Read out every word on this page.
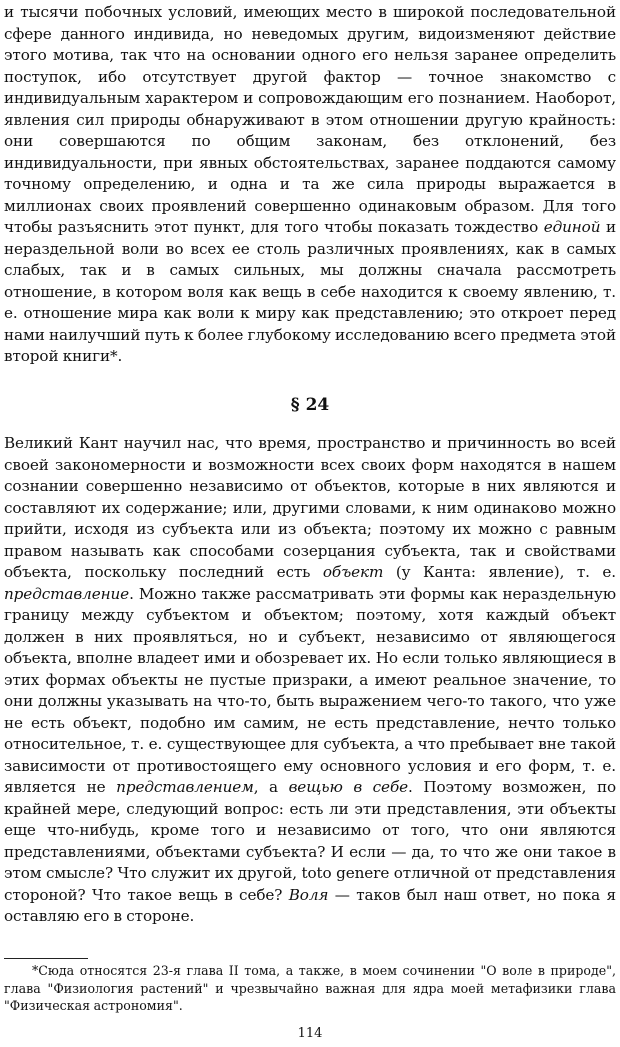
и тысячи побочных условий, имеющих место в широкой последовательной сфере данного индивида, но неведомых другим, видоизменяют действие этого мотива, так что на основании одного его нельзя заранее определить поступок, ибо отсутствует другой фактор — точное знакомство с индивидуальным характером и сопровождающим его познанием. Наоборот, явления сил природы обнаруживают в этом отношении другую крайность: они совершаются по общим законам, без отклонений, без индивидуальности, при явных обстоятельствах, заранее поддаются самому точному определению, и одна и та же сила природы выражается в миллионах своих проявлений совершенно одинаковым образом. Для того чтобы разъяснить этот пункт, для того чтобы показать тождество единой и нераздельной воли во всех ее столь различных проявлениях, как в самых слабых, так и в самых сильных, мы должны сначала рассмотреть отношение, в котором воля как вещь в себе находится к своему явлению, т. е. отношение мира как воли к миру как представлению; это откроет перед нами наилучший путь к более глубокому исследованию всего предмета этой второй книги*.

§ 24

Великий Кант научил нас, что время, пространство и причинность во всей своей закономерности и возможности всех своих форм находятся в нашем сознании совершенно независимо от объектов, которые в них являются и составляют их содержание; или, другими словами, к ним одинаково можно прийти, исходя из субъекта или из объекта; поэтому их можно с равным правом называть как способами созерцания субъекта, так и свойствами объекта, поскольку последний есть объект (у Канта: явление), т. е. представление. Можно также рассматривать эти формы как нераздельную границу между субъектом и объектом; поэтому, хотя каждый объект должен в них проявляться, но и субъект, независимо от являющегося объекта, вполне владеет ими и обозревает их. Но если только являющиеся в этих формах объекты не пустые призраки, а имеют реальное значение, то они должны указывать на что-то, быть выражением чего-то такого, что уже не есть объект, подобно им самим, не есть представление, нечто только относительное, т. е. существующее для субъекта, а что пребывает вне такой зависимости от противостоящего ему основного условия и его форм, т. е. является не представлением, а вещью в себе. Поэтому возможен, по крайней мере, следующий вопрос: есть ли эти представления, эти объекты еще что-нибудь, кроме того и независимо от того, что они являются представлениями, объектами субъекта? И если — да, то что же они такое в этом смысле? Что служит их другой, toto genere отличной от представления стороной? Что такое вещь в себе? Воля — таков был наш ответ, но пока я оставляю его в стороне.

*Сюда относятся 23-я глава II тома, а также, в моем сочинении "О воле в природе", глава "Физиология растений" и чрезвычайно важная для ядра моей метафизики глава "Физическая астрономия".

114
